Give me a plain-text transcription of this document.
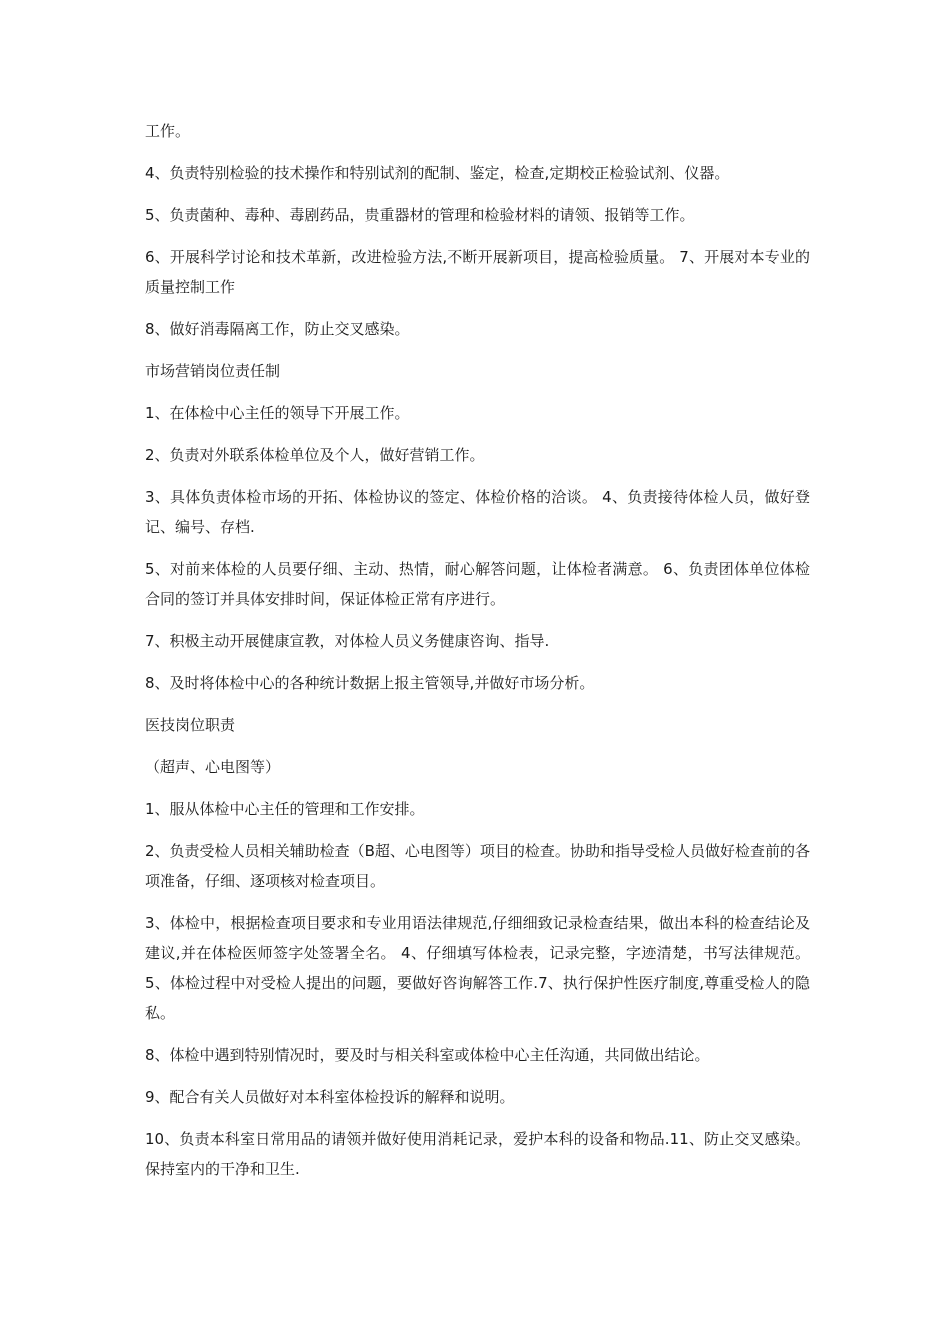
工作。

4、负责特别检验的技术操作和特别试剂的配制、鉴定，检查,定期校正检验试剂、仪器。

5、负责菌种、毒种、毒剧药品，贵重器材的管理和检验材料的请领、报销等工作。

6、开展科学讨论和技术革新，改进检验方法,不断开展新项目，提高检验质量。 7、开展对本专业的质量控制工作

8、做好消毒隔离工作，防止交叉感染。

市场营销岗位责任制

1、在体检中心主任的领导下开展工作。

2、负责对外联系体检单位及个人，做好营销工作。

3、具体负责体检市场的开拓、体检协议的签定、体检价格的洽谈。 4、负责接待体检人员，做好登记、编号、存档.

5、对前来体检的人员要仔细、主动、热情，耐心解答问题，让体检者满意。 6、负责团体单位体检合同的签订并具体安排时间，保证体检正常有序进行。

7、积极主动开展健康宣教，对体检人员义务健康咨询、指导.

8、及时将体检中心的各种统计数据上报主管领导,并做好市场分析。

医技岗位职责

（超声、心电图等）

1、服从体检中心主任的管理和工作安排。

2、负责受检人员相关辅助检查（B超、心电图等）项目的检查。协助和指导受检人员做好检查前的各项准备，仔细、逐项核对检查项目。

3、体检中，根据检查项目要求和专业用语法律规范,仔细细致记录检查结果，做出本科的检查结论及建议,并在体检医师签字处签署全名。 4、仔细填写体检表，记录完整，字迹清楚，书写法律规范。 5、体检过程中对受检人提出的问题，要做好咨询解答工作.7、执行保护性医疗制度,尊重受检人的隐私。

8、体检中遇到特别情况时，要及时与相关科室或体检中心主任沟通，共同做出结论。

9、配合有关人员做好对本科室体检投诉的解释和说明。

10、负责本科室日常用品的请领并做好使用消耗记录，爱护本科的设备和物品.11、防止交叉感染。保持室内的干净和卫生.
